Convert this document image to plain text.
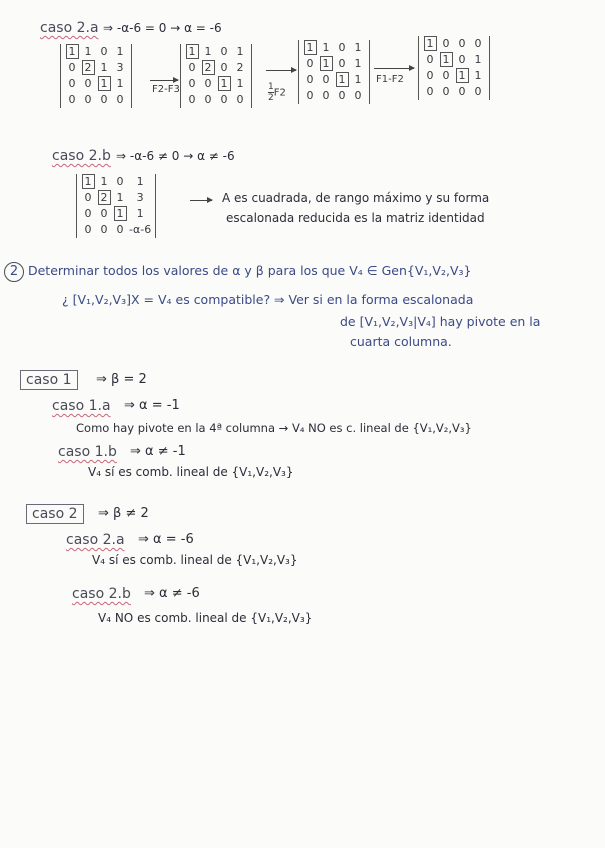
caso 2.a ⇒ -α-6 = 0 → α = -6
1	1	0	1
0	2	1	3
0	0	1	1
0	0	0	0
F2-F3
1	1	0	1
0	2	0	2
0	0	1	1
0	0	0	0	$\frac{1}{2}F2$
1	1	0	1
0	1	0	1
0	0	1	1
0	0	0	0
F1-F2
1	0	0	0
0	1	0	1
0	0	1	1
0	0	0	0
caso 2.b ⇒ -α-6 ≠ 0 → α ≠ -6
1	1	0	1
0	2	1	3
0	0	1	1
0	0	0	-α-6
A es cuadrada, de rango máximo y su forma
escalonada reducida es la matriz identidad
2 Determinar todos los valores de α y β para los que V₄ ∈ Gen{V₁,V₂,V₃}
¿ [V₁,V₂,V₃]X = V₄ es compatible? ⇒ Ver si en la forma escalonada
de [V₁,V₂,V₃|V₄] hay pivote en la
cuarta columna.
caso 1	⇒ β = 2
caso 1.a ⇒ α = -1
Como hay pivote en la 4ª columna → V₄ NO es c. lineal de {V₁,V₂,V₃}
caso 1.b ⇒ α ≠ -1
V₄ sí es comb. lineal de {V₁,V₂,V₃}
caso 2	⇒ β ≠ 2
caso 2.a ⇒ α = -6
V₄ sí es comb. lineal de {V₁,V₂,V₃}
caso 2.b ⇒ α ≠ -6
V₄ NO es comb. lineal de {V₁,V₂,V₃}
